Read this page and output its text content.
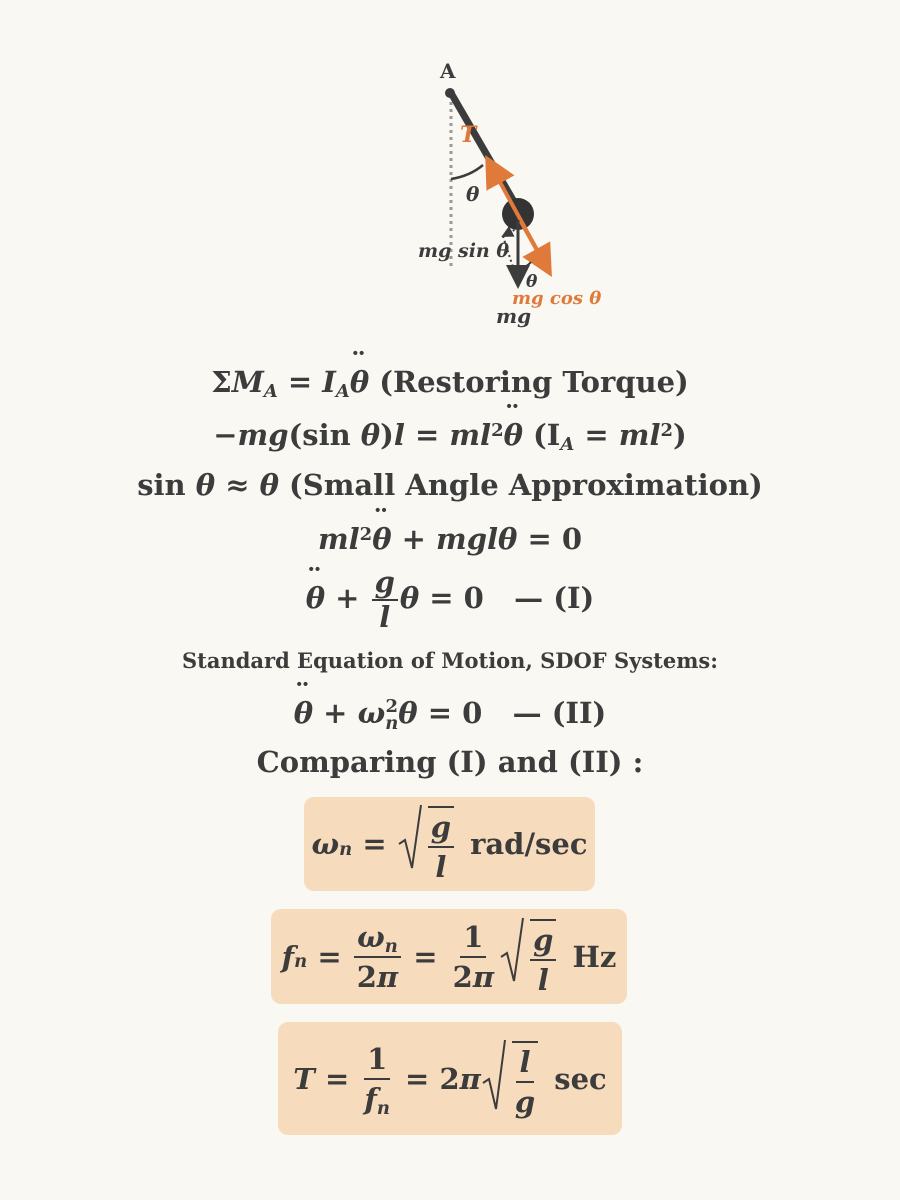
A
T
θ
mg sin θ
θ
mg cos θ
mg
ΣMA = IA¨ θ (Restoring Torque)
−mg(sin $\theta)l = ml^2¨$ θ $(IA = ml^2)$
sin θ ≈ θ (Small Angle Approximation)
$ml^2¨$ θ + mglθ = 0
¨ $\theta + \frac{g}{l}$ θ = 0   — (I)
Standard Equation of Motion, SDOF Systems:
¨ θ + ω 2
n θ = 0   — (II)
Comparing (I) and (II) :
ω $n = \frac{g}{l}$
rad/sec
f $n = \frac{\omega n}{2\pi} = \frac{1}{2\pi} \frac{g}{l}$
Hz
$T = \frac{1}{fn} = 2$ π $\frac{l}{g}$
sec
